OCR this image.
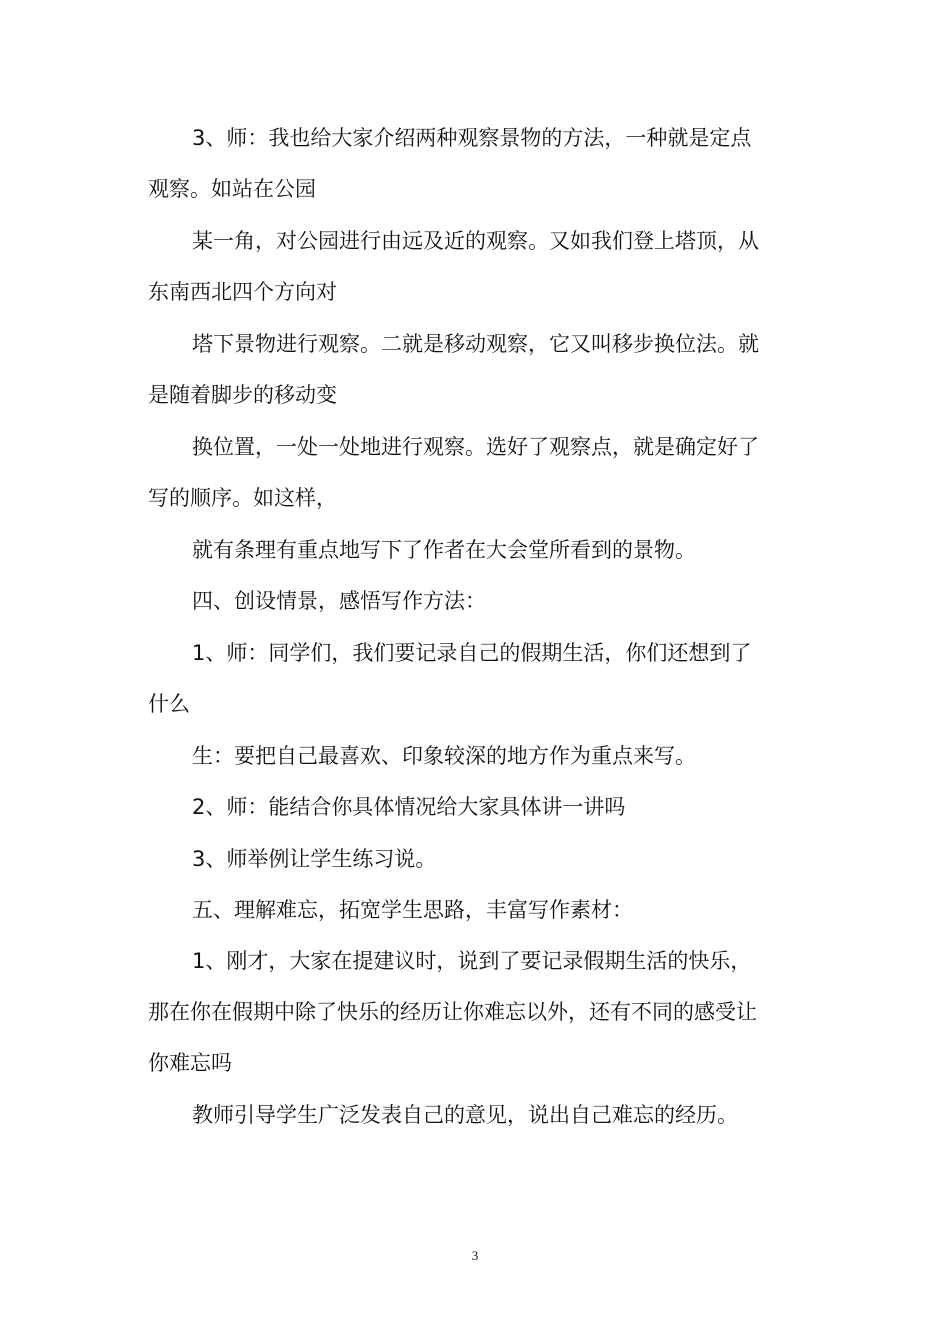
3、师：我也给大家介绍两种观察景物的方法，一种就是定点

观察。如站在公园

某一角，对公园进行由远及近的观察。又如我们登上塔顶，从

东南西北四个方向对

塔下景物进行观察。二就是移动观察，它又叫移步换位法。就

是随着脚步的移动变

换位置，一处一处地进行观察。选好了观察点，就是确定好了

写的顺序。如这样，

就有条理有重点地写下了作者在大会堂所看到的景物。

四、创设情景，感悟写作方法：

1、师：同学们，我们要记录自己的假期生活，你们还想到了

什么

生：要把自己最喜欢、印象较深的地方作为重点来写。

2、师：能结合你具体情况给大家具体讲一讲吗

3、师举例让学生练习说。

五、理解难忘，拓宽学生思路，丰富写作素材：

1、刚才，大家在提建议时，说到了要记录假期生活的快乐，

那在你在假期中除了快乐的经历让你难忘以外，还有不同的感受让

你难忘吗

教师引导学生广泛发表自己的意见，说出自己难忘的经历。

3
